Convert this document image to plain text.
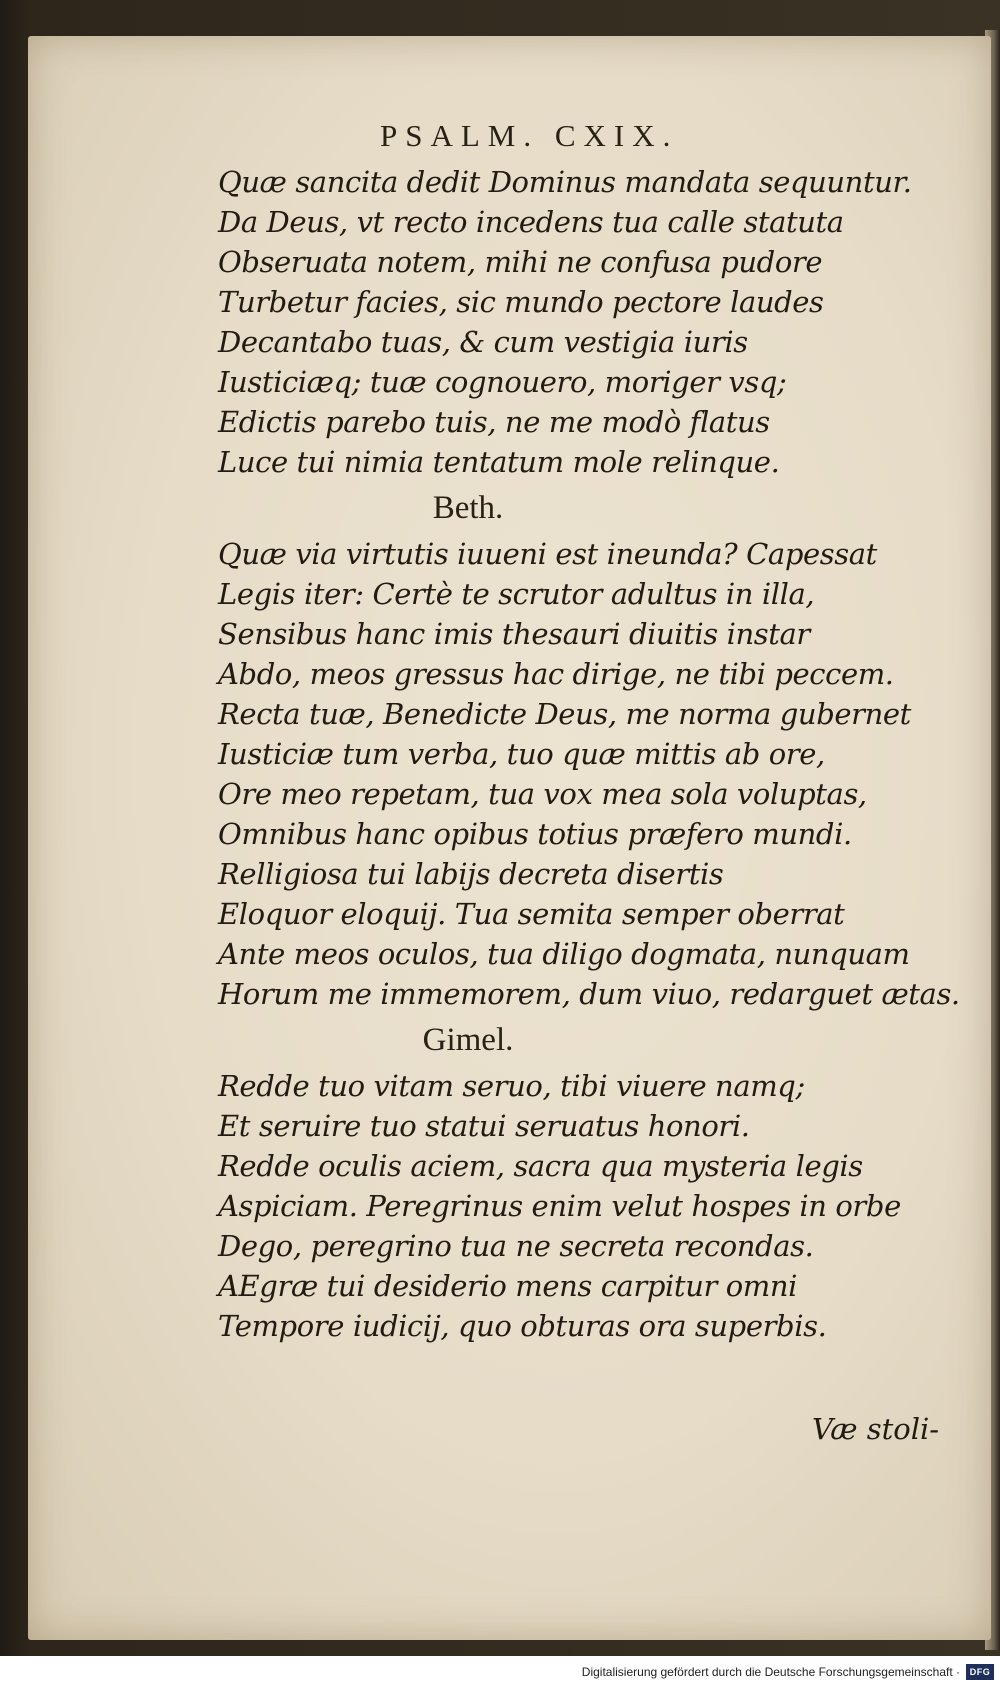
PSALM. CXIX.
Quæ sancita dedit Dominus mandata sequuntur.
Da Deus, vt recto incedens tua calle statuta
Obseruata notem, mihi ne confusa pudore
Turbetur facies, sic mundo pectore laudes
Decantabo tuas, & cum vestigia iuris
Iusticiæq; tuæ cognouero, moriger vsq;
Edictis parebo tuis, ne me modò flatus
Luce tui nimia tentatum mole relinque.
Beth.
Quæ via virtutis iuueni est ineunda? Capessat
Legis iter: Certè te scrutor adultus in illa,
Sensibus hanc imis thesauri diuitis instar
Abdo, meos gressus hac dirige, ne tibi peccem.
Recta tuæ, Benedicte Deus, me norma gubernet
Iusticiæ tum verba, tuo quæ mittis ab ore,
Ore meo repetam, tua vox mea sola voluptas,
Omnibus hanc opibus totius præfero mundi.
Relligiosa tui labijs decreta disertis
Eloquor eloquij. Tua semita semper oberrat
Ante meos oculos, tua diligo dogmata, nunquam
Horum me immemorem, dum viuo, redarguet ætas.
Gimel.
Redde tuo vitam seruo, tibi viuere namq;
Et seruire tuo statui seruatus honori.
Redde oculis aciem, sacra qua mysteria legis
Aspiciam. Peregrinus enim velut hospes in orbe
Dego, peregrino tua ne secreta recondas.
AEgræ tui desiderio mens carpitur omni
Tempore iudicij, quo obturas ora superbis.
Væ stoli-
Digitalisierung gefördert durch die Deutsche Forschungsgemeinschaft ·	DFG
